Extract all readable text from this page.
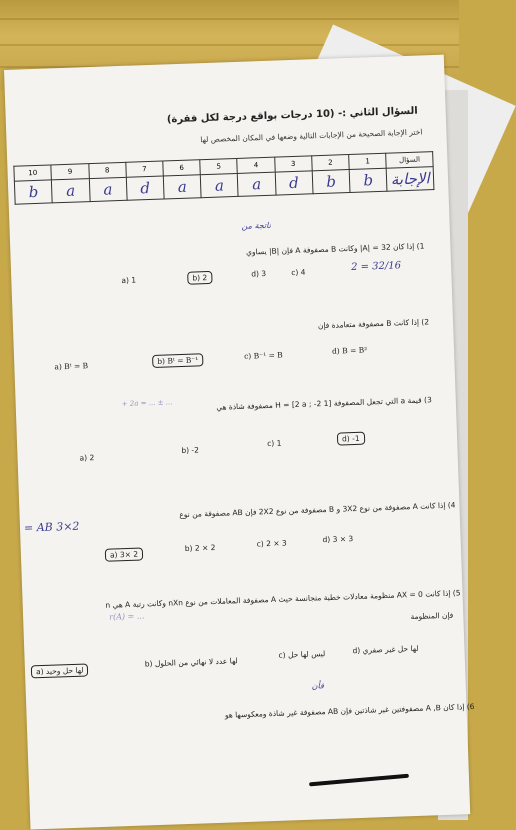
السؤال الثاني :- (10 درجات بواقع درجة لكل فقرة)
اختر الإجابة الصحيحة من الإجابات التالية وضعها في المكان المخصص لها
السؤال	1	2	3	4	5	6	7	8	9	10
الإجابة	b	b	d	a	a	a	d	a	a	b
ناتجة من
1) إذا كان 32 = |A| وكانت B مصفوفة A فإن |B| يساوي
a) 1	b) 2	d) 3	c) 4	2 = 32/16
2) إذا كانت B مصفوفة متعامدة فإن
a) Bᵗ = B
b) Bᵗ = B⁻¹	c) B⁻¹ = B	d) B = B²
+ 2a = ... ± ...	3) قيمة a التي تجعل المصفوفة H = [2 a ; -2 1] مصفوفة شاذة هي
a) 2
b) -2
c) 1	d) -1
= AB 3×2
4) إذا كانت A مصفوفة من نوع 3X2 و B مصفوفة من نوع 2X2 فإن AB مصفوفة من نوع
a) 3× 2
b) 2 × 2	c) 2 × 3	d) 3 × 3
5) إذا كانت AX = 0 منظومة معادلات خطية متجانسة حيث A مصفوفة المعاملات من نوع nXn وكانت رتبة A هي n
فإن المنظومة
r(A) = ...
a) لها حل وحيد
b) لها عدد لا نهائي من الحلول
c) ليس لها حل	d) لها حل غير صفري
فأن
6) إذا كان A ,B مصفوفتين غير شاذتين فإن AB مصفوفة غير شاذة ومعكوسها هو
